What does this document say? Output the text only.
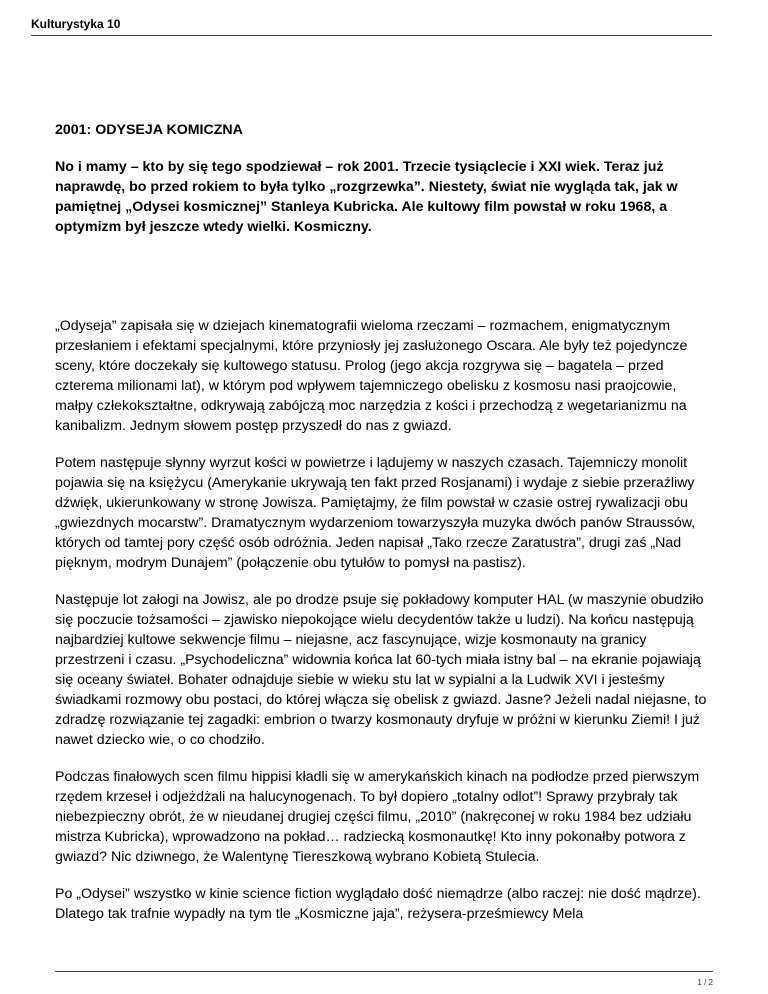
Kulturystyka 10

2001: ODYSEJA KOMICZNA

No i mamy – kto by się tego spodziewał – rok 2001. Trzecie tysiąclecie i XXI wiek. Teraz już naprawdę, bo przed rokiem to była tylko „rozgrzewka”. Niestety, świat nie wygląda tak, jak w pamiętnej „Odysei kosmicznej” Stanleya Kubricka. Ale kultowy film powstał w roku 1968, a optymizm był jeszcze wtedy wielki. Kosmiczny.

„Odyseja” zapisała się w dziejach kinematografii wieloma rzeczami – rozmachem, enigmatycznym przesłaniem i efektami specjalnymi, które przyniosły jej zasłużonego Oscara. Ale były też pojedyncze sceny, które doczekały się kultowego statusu. Prolog (jego akcja rozgrywa się – bagatela – przed czterema milionami lat), w którym pod wpływem tajemniczego obelisku z kosmosu nasi praojcowie, małpy człekokształtne, odkrywają zabójczą moc narzędzia z kości i przechodzą z wegetarianizmu na kanibalizm. Jednym słowem postęp przyszedł do nas z gwiazd.

Potem następuje słynny wyrzut kości w powietrze i lądujemy w naszych czasach. Tajemniczy monolit pojawia się na księżycu (Amerykanie ukrywają ten fakt przed Rosjanami) i wydaje z siebie przeraźliwy dźwięk, ukierunkowany w stronę Jowisza. Pamiętajmy, że film powstał w czasie ostrej rywalizacji obu „gwiezdnych mocarstw”. Dramatycznym wydarzeniom towarzyszyła muzyka dwóch panów Straussów, których od tamtej pory część osób odróżnia. Jeden napisał „Tako rzecze Zaratustra”, drugi zaś „Nad pięknym, modrym Dunajem” (połączenie obu tytułów to pomysł na pastisz).

Następuje lot załogi na Jowisz, ale po drodze psuje się pokładowy komputer HAL (w maszynie obudziło się poczucie tożsamości – zjawisko niepokojące wielu decydentów także u ludzi). Na końcu następują najbardziej kultowe sekwencje filmu – niejasne, acz fascynujące, wizje kosmonauty na granicy przestrzeni i czasu. „Psychodeliczna” widownia końca lat 60-tych miała istny bal – na ekranie pojawiają się oceany świateł. Bohater odnajduje siebie w wieku stu lat w sypialni a la Ludwik XVI i jesteśmy świadkami rozmowy obu postaci, do której włącza się obelisk z gwiazd. Jasne? Jeżeli nadal niejasne, to zdradzę rozwiązanie tej zagadki: embrion o twarzy kosmonauty dryfuje w próżni w kierunku Ziemi! I już nawet dziecko wie, o co chodziło.

Podczas finałowych scen filmu hippisi kładli się w amerykańskich kinach na podłodze przed pierwszym rzędem krzeseł i odjeżdżali na halucynogenach. To był dopiero „totalny odlot”! Sprawy przybrały tak niebezpieczny obrót, że w nieudanej drugiej części filmu, „2010” (nakręconej w roku 1984 bez udziału mistrza Kubricka), wprowadzono na pokład… radziecką kosmonautkę! Kto inny pokonałby potwora z gwiazd? Nic dziwnego, że Walentynę Tiereszkową wybrano Kobietą Stulecia.

Po „Odysei” wszystko w kinie science fiction wyglądało dość niemądrze (albo raczej: nie dość mądrze). Dlatego tak trafnie wypadły na tym tle „Kosmiczne jaja”, reżysera-prześmiewcy Mela

1 / 2
